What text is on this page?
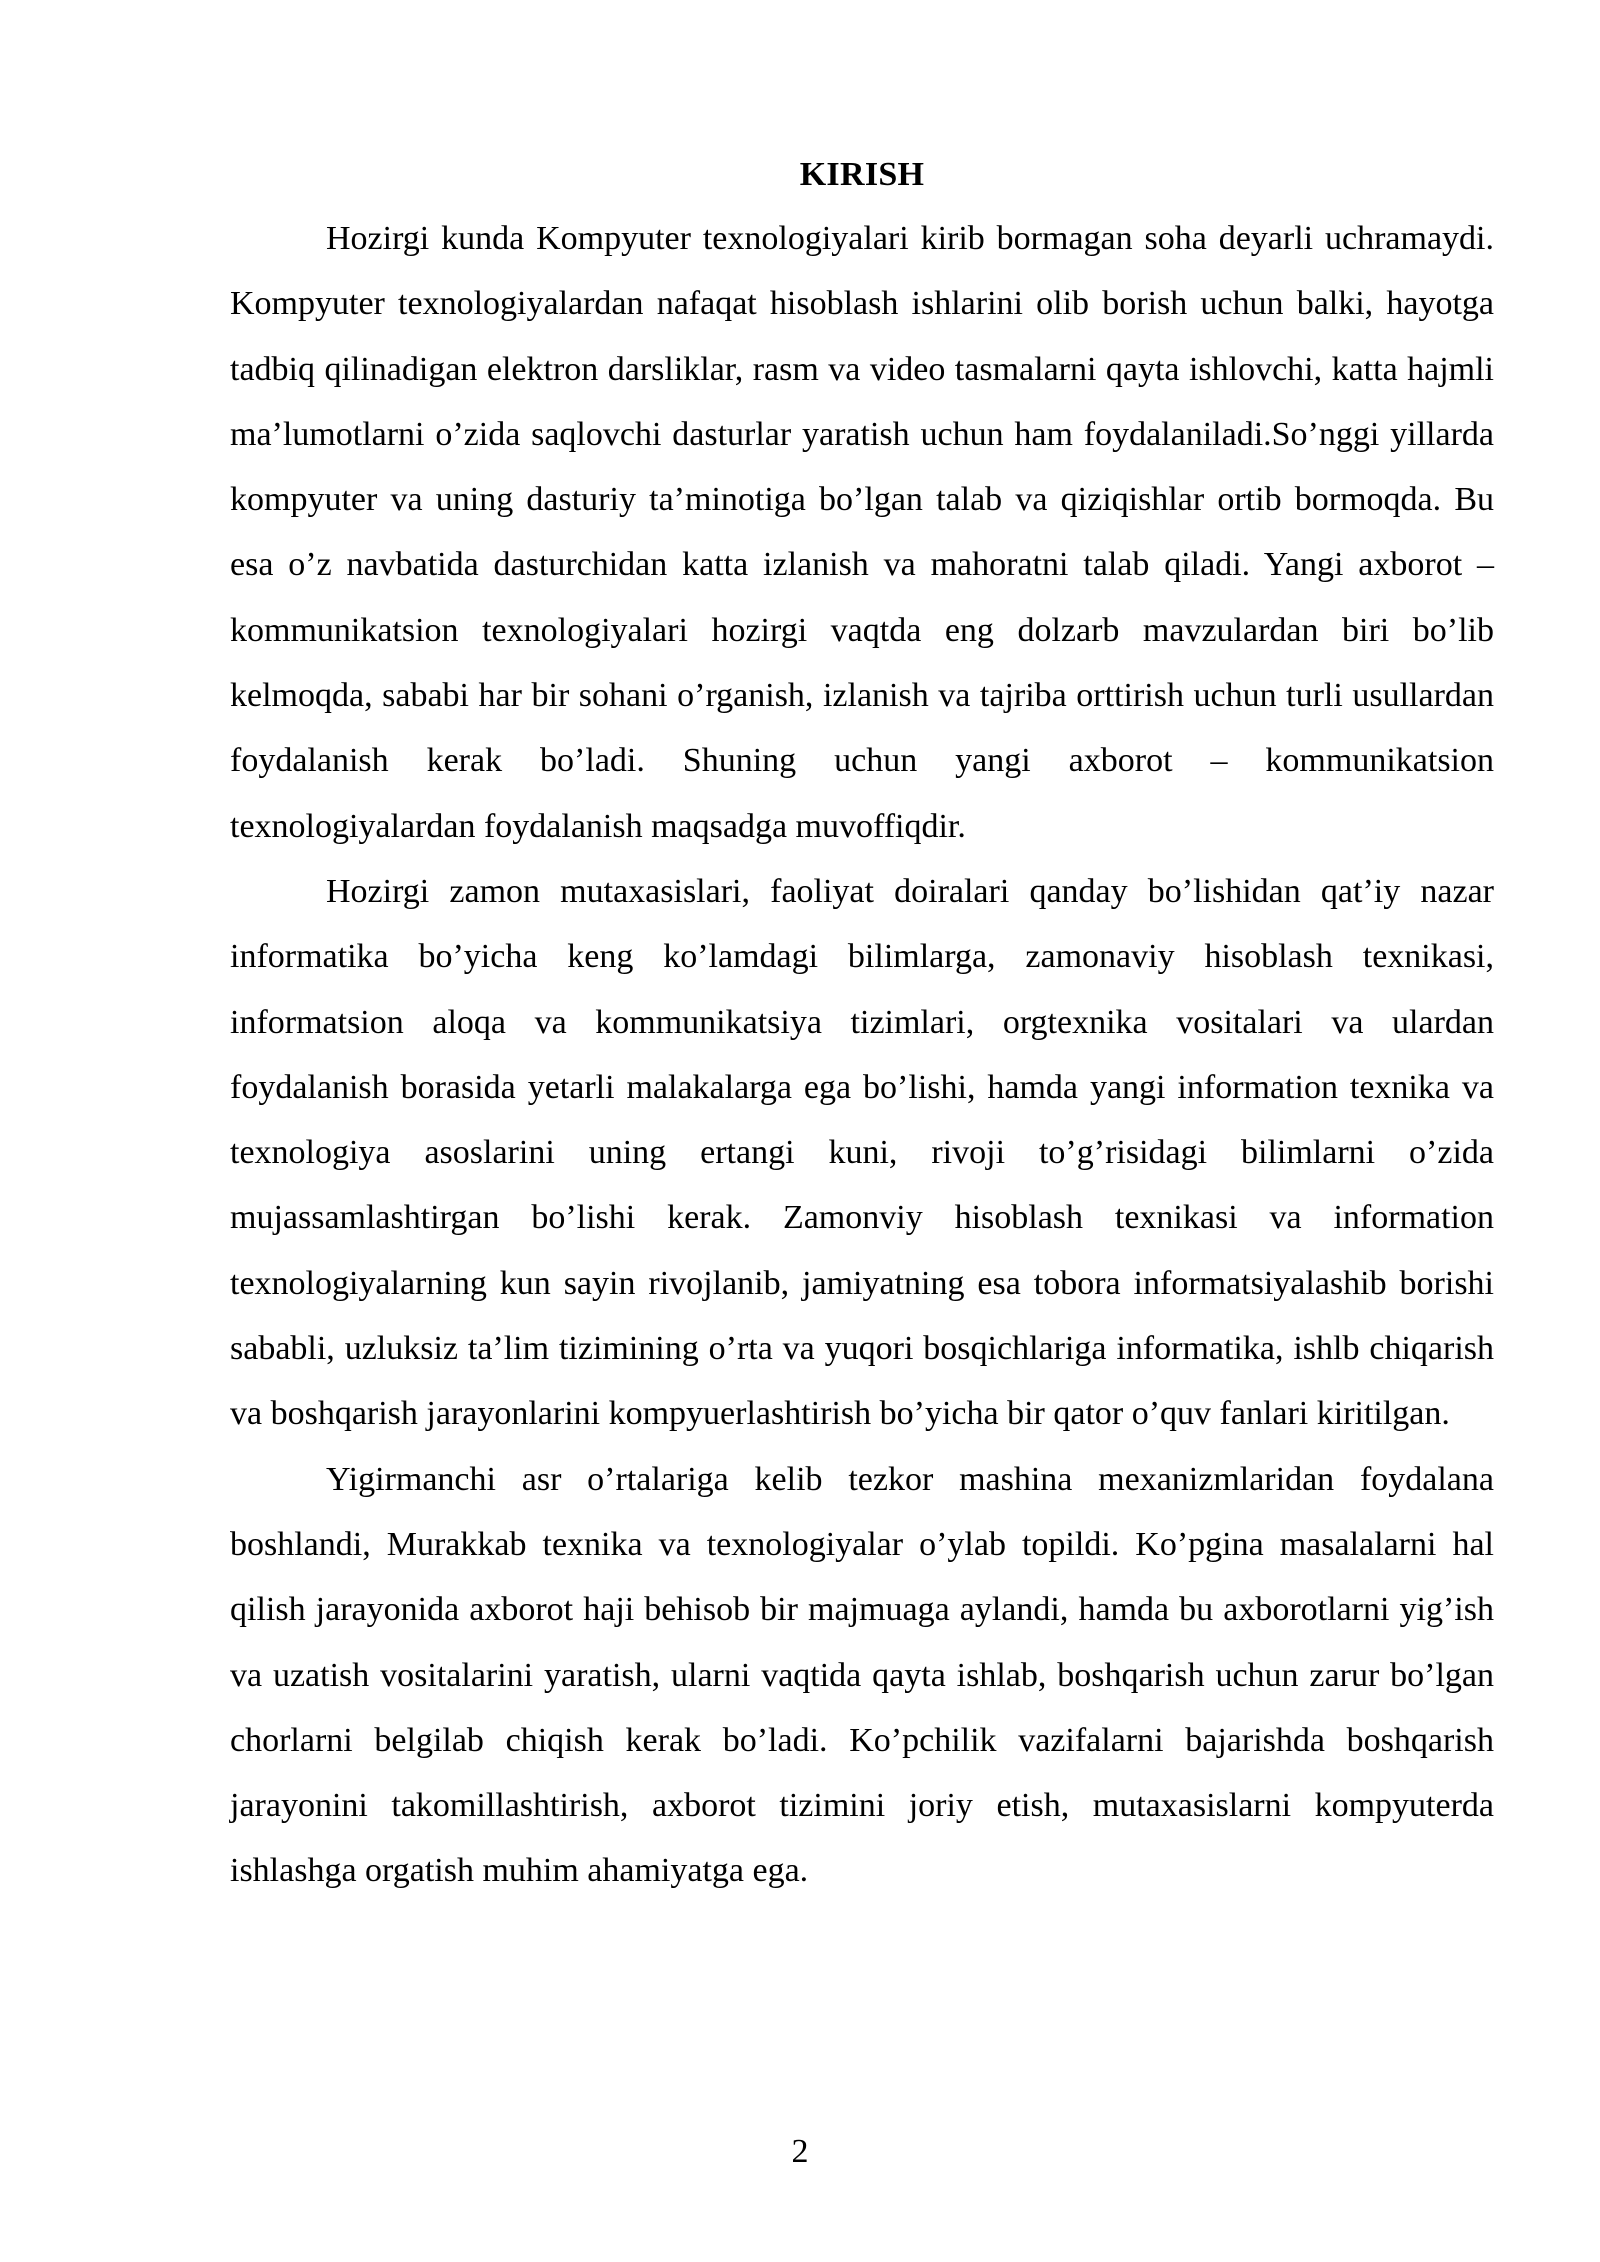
KIRISH

Hozirgi kunda Kompyuter texnologiyalari kirib bormagan soha deyarli uchramaydi. Kompyuter texnologiyalardan nafaqat hisoblash ishlarini olib borish uchun balki, hayotga tadbiq qilinadigan elektron darsliklar, rasm va video tasmalarni qayta ishlovchi, katta hajmli ma’lumotlarni o’zida saqlovchi dasturlar yaratish uchun ham foydalaniladi.So’nggi yillarda kompyuter va uning dasturiy ta’minotiga bo’lgan talab va qiziqishlar ortib bormoqda. Bu esa o’z navbatida dasturchidan katta izlanish va mahoratni talab qiladi. Yangi axborot – kommunikatsion texnologiyalari hozirgi vaqtda eng dolzarb mavzulardan biri bo’lib kelmoqda, sababi har bir sohani o’rganish, izlanish va tajriba orttirish uchun turli usullardan foydalanish kerak bo’ladi. Shuning uchun yangi axborot – kommunikatsion texnologiyalardan foydalanish maqsadga muvoffiqdir.

Hozirgi zamon mutaxasislari, faoliyat doiralari qanday bo’lishidan qat’iy nazar informatika bo’yicha keng ko’lamdagi bilimlarga, zamonaviy hisoblash texnikasi, informatsion aloqa va kommunikatsiya tizimlari, orgtexnika vositalari va ulardan foydalanish borasida yetarli malakalarga ega bo’lishi, hamda yangi information texnika va texnologiya asoslarini uning ertangi kuni, rivoji to’g’risidagi bilimlarni o’zida mujassamlashtirgan bo’lishi kerak. Zamonviy hisoblash texnikasi va information texnologiyalarning kun sayin rivojlanib, jamiyatning esa tobora informatsiyalashib borishi sababli, uzluksiz ta’lim tizimining o’rta va yuqori bosqichlariga informatika, ishlb chiqarish va boshqarish jarayonlarini kompyuerlashtirish bo’yicha bir qator o’quv fanlari kiritilgan.

Yigirmanchi asr o’rtalariga kelib tezkor mashina mexanizmlaridan foydalana boshlandi, Murakkab texnika va texnologiyalar o’ylab topildi. Ko’pgina masalalarni hal qilish jarayonida axborot haji behisob bir majmuaga aylandi, hamda bu axborotlarni yig’ish va uzatish vositalarini yaratish, ularni vaqtida qayta ishlab, boshqarish uchun zarur bo’lgan chorlarni belgilab chiqish kerak bo’ladi. Ko’pchilik vazifalarni bajarishda boshqarish jarayonini takomillashtirish, axborot tizimini joriy etish, mutaxasislarni kompyuterda ishlashga orgatish muhim ahamiyatga ega.

2
